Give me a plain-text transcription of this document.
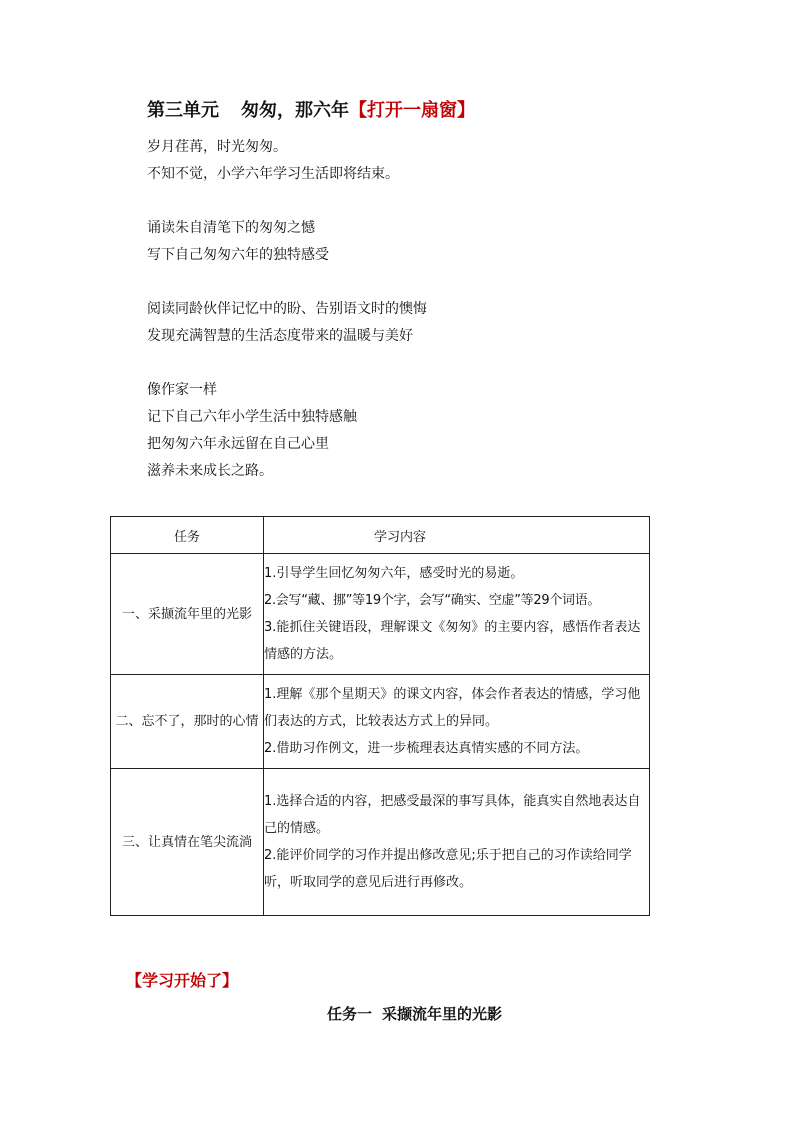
第三单元 匆匆，那六年【打开一扇窗】
岁月荏苒，时光匆匆。
不知不觉，小学六年学习生活即将结束。
诵读朱自清笔下的匆匆之憾
写下自己匆匆六年的独特感受
阅读同龄伙伴记忆中的盼、告别语文时的懊悔
发现充满智慧的生活态度带来的温暖与美好
像作家一样
记下自己六年小学生活中独特感触
把匆匆六年永远留在自己心里
滋养未来成长之路。
任务	学习内容
一、采撷流年里的光影	1.引导学生回忆匆匆六年，感受时光的易逝。
2.会写“藏、挪”等19个字，会写“确实、空虚”等29个词语。
3.能抓住关键语段，理解课文《匆匆》的主要内容，感悟作者表达情感的方法。

二、忘不了，那时的心情	1.理解《那个星期天》的课文内容，体会作者表达的情感，学习他们表达的方式，比较表达方式上的异同。
2.借助习作例文，进一步梳理表达真情实感的不同方法。

三、让真情在笔尖流淌	1.选择合适的内容，把感受最深的事写具体，能真实自然地表达自己的情感。
2.能评价同学的习作并提出修改意见;乐于把自己的习作读给同学听，听取同学的意见后进行再修改。
【学习开始了】
任务一 采撷流年里的光影
